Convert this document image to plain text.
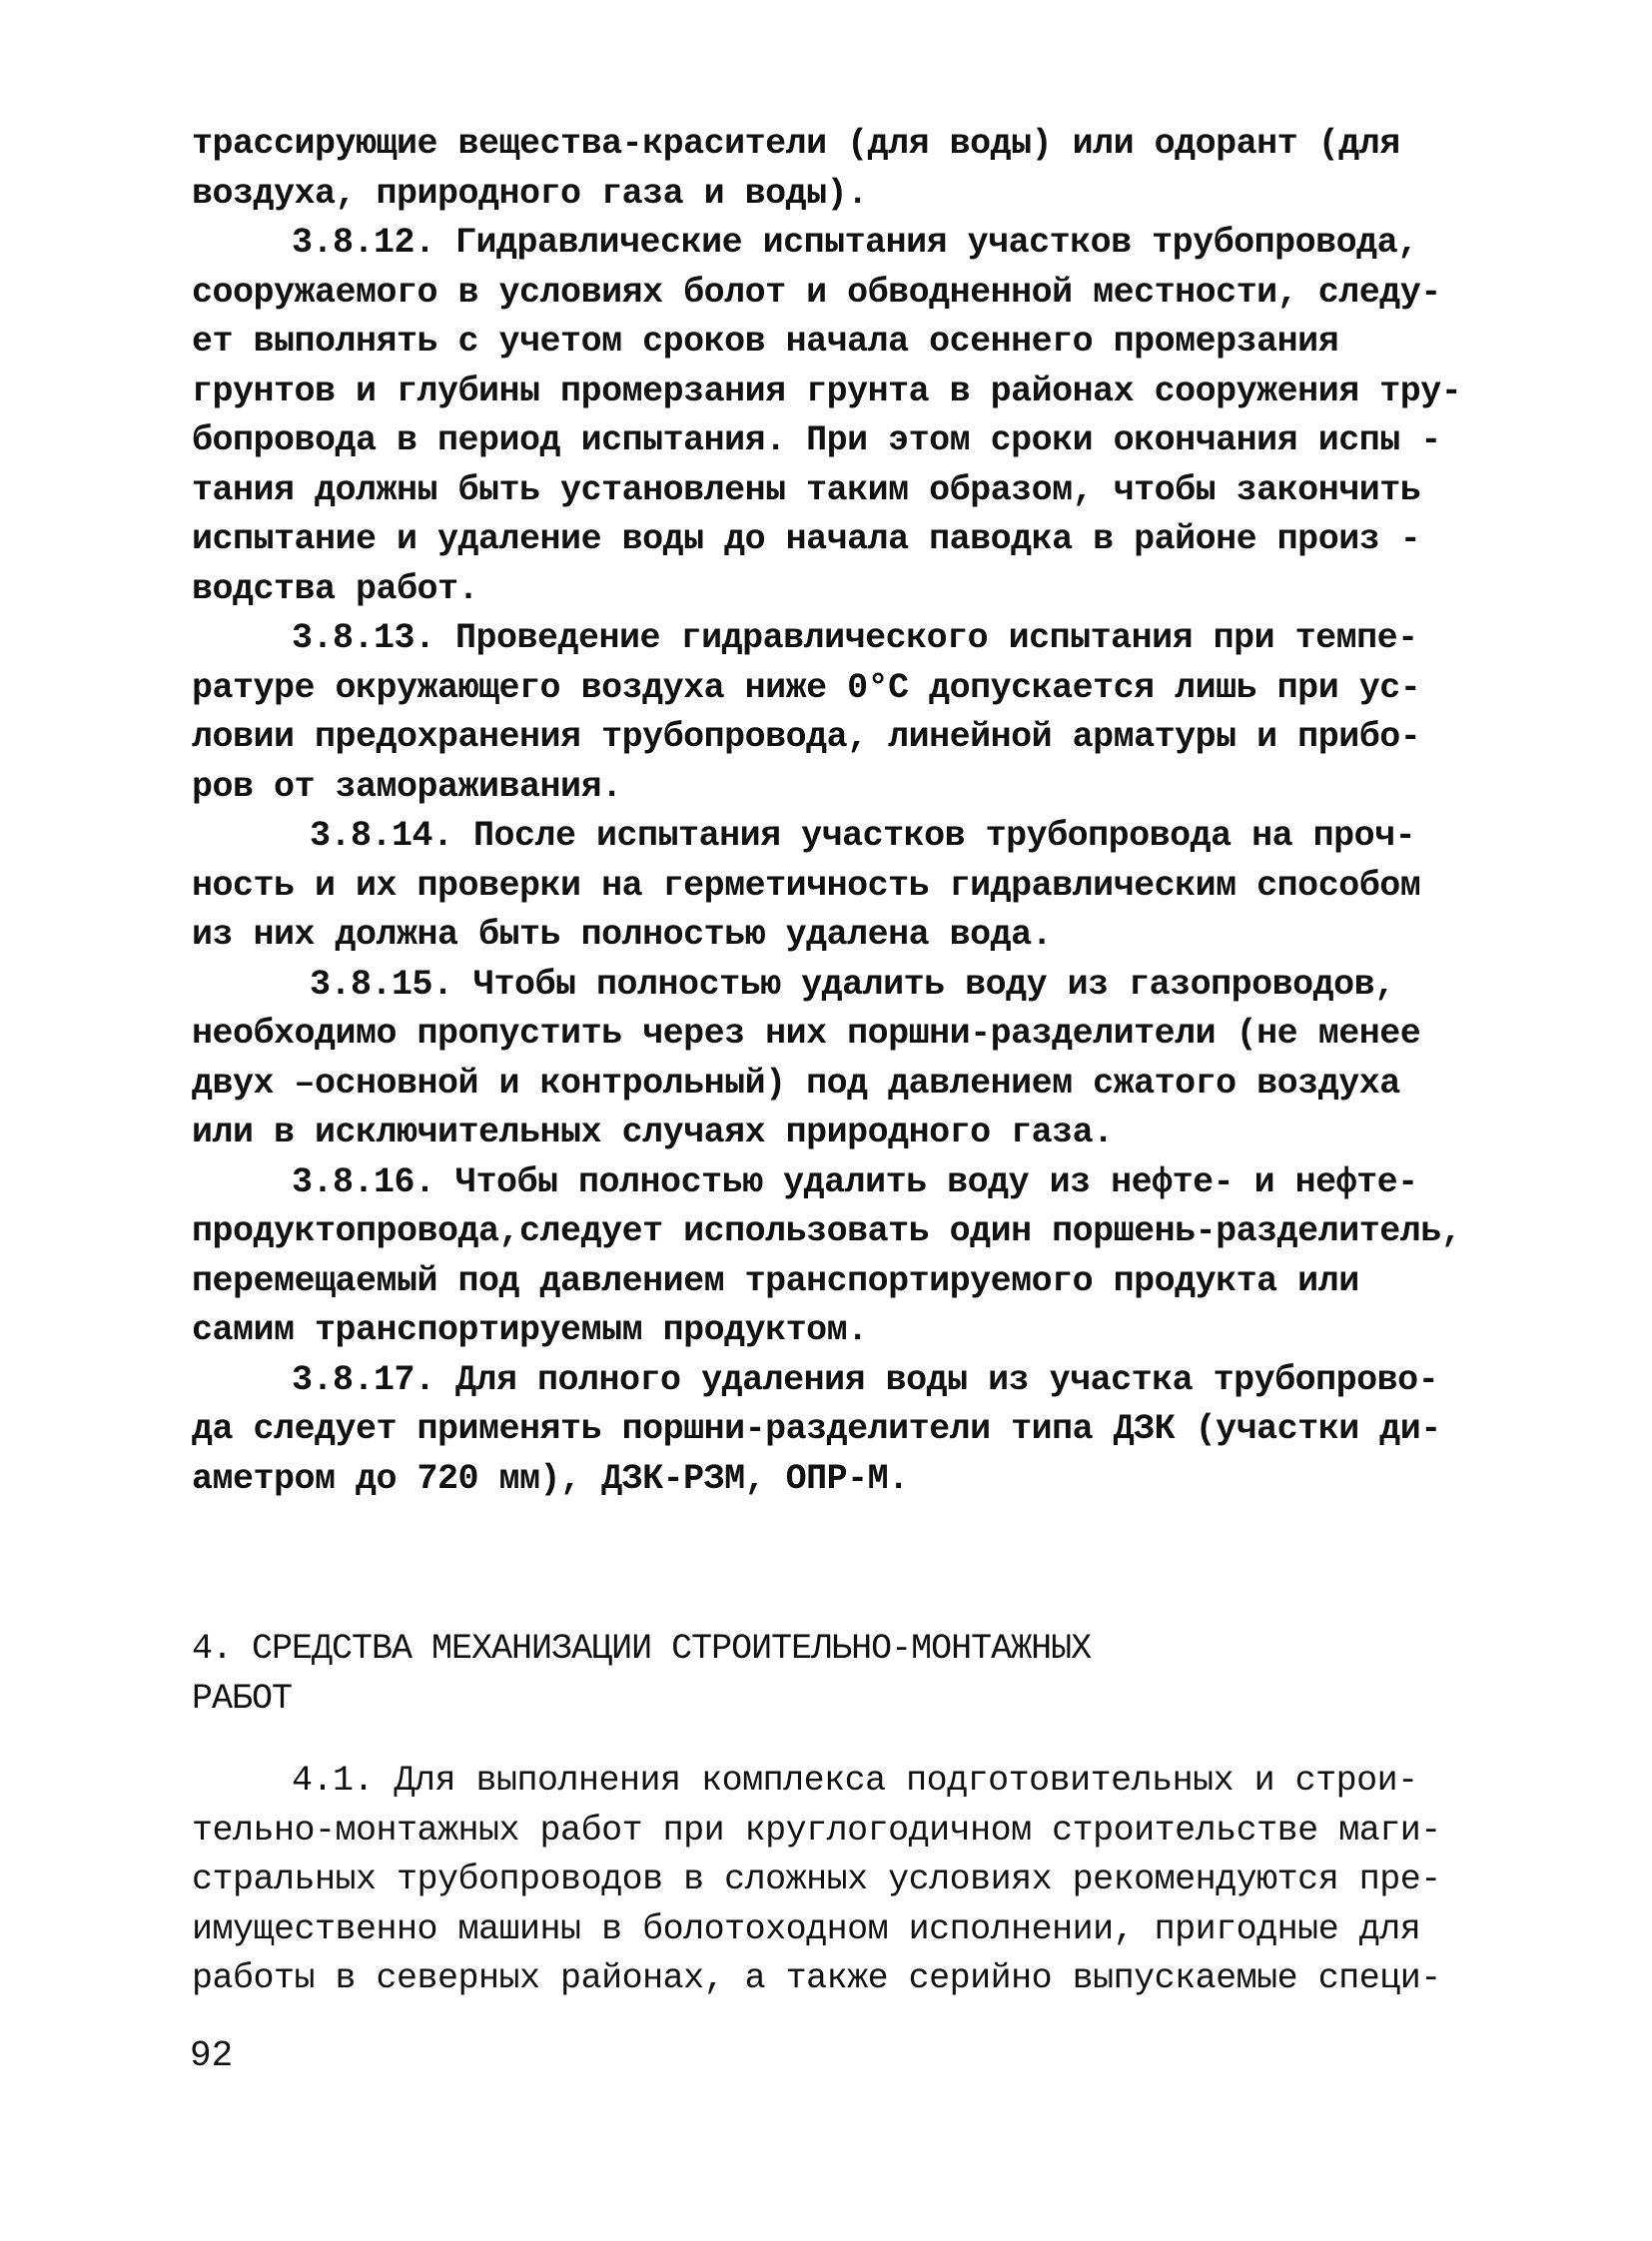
трассирующие вещества-красители (для воды) или одорант (для
воздуха, природного газа и воды).
3.8.12. Гидравлические испытания участков трубопровода,
сооружаемого в условиях болот и обводненной местности, следу-
ет выполнять с учетом сроков начала осеннего промерзания
грунтов и глубины промерзания грунта в районах сооружения тру-
бопровода в период испытания. При этом сроки окончания испы -
тания должны быть установлены таким образом, чтобы закончить
испытание и удаление воды до начала паводка в районе произ -
водства работ.
3.8.13. Проведение гидравлического испытания при темпе-
ратуре окружающего воздуха ниже 0°С допускается лишь при ус-
ловии предохранения трубопровода, линейной арматуры и прибо-
ров от замораживания.
3.8.14. После испытания участков трубопровода на проч-
ность и их проверки на герметичность гидравлическим способом
из них должна быть полностью удалена вода.
3.8.15. Чтобы полностью удалить воду из газопроводов,
необходимо пропустить через них поршни-разделители (не менее
двух –основной и контрольный) под давлением сжатого воздуха
или в исключительных случаях природного газа.
3.8.16. Чтобы полностью удалить воду из нефте- и нефте-
продуктопровода,следует использовать один поршень-разделитель,
перемещаемый под давлением транспортируемого продукта или
самим транспортируемым продуктом.
3.8.17. Для полного удаления воды из участка трубопрово-
да следует применять поршни-разделители типа ДЗК (участки ди-
аметром до 720 мм), ДЗК-РЗМ, ОПР-М.
4. СРЕДСТВА МЕХАНИЗАЦИИ СТРОИТЕЛЬНО-МОНТАЖНЫХ
РАБОТ
4.1. Для выполнения комплекса подготовительных и строи-
тельно-монтажных работ при круглогодичном строительстве маги-
стральных трубопроводов в сложных условиях рекомендуются пре-
имущественно машины в болотоходном исполнении, пригодные для
работы в северных районах, а также серийно выпускаемые специ-
92
